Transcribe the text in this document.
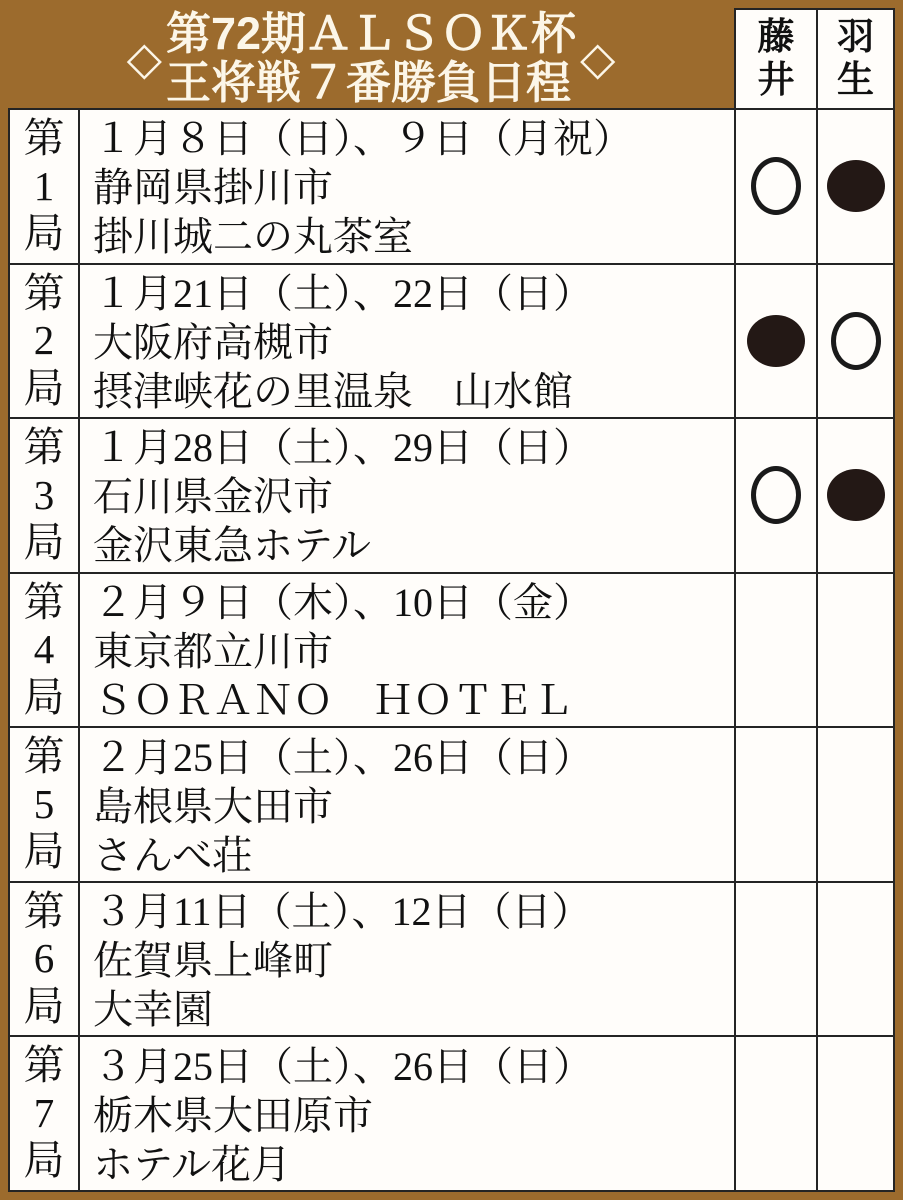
◇ 第72期ＡＬＳＯＫ杯
王将戦７番勝負日程 ◇	藤井
羽生
第1局
１月８日（日）、９日（月祝）
静岡県掛川市
掛川城二の丸茶室
第2局
１月21日（土）、22日（日）
大阪府高槻市
摂津峡花の里温泉　山水館
第3局
１月28日（土）、29日（日）
石川県金沢市
金沢東急ホテル
第4局
２月９日（木）、10日（金）
東京都立川市
ＳＯＲＡＮＯ　ＨＯＴＥＬ
第5局
２月25日（土）、26日（日）
島根県大田市
さんべ荘
第6局
３月11日（土）、12日（日）
佐賀県上峰町
大幸園
第7局
３月25日（土）、26日（日）
栃木県大田原市
ホテル花月
